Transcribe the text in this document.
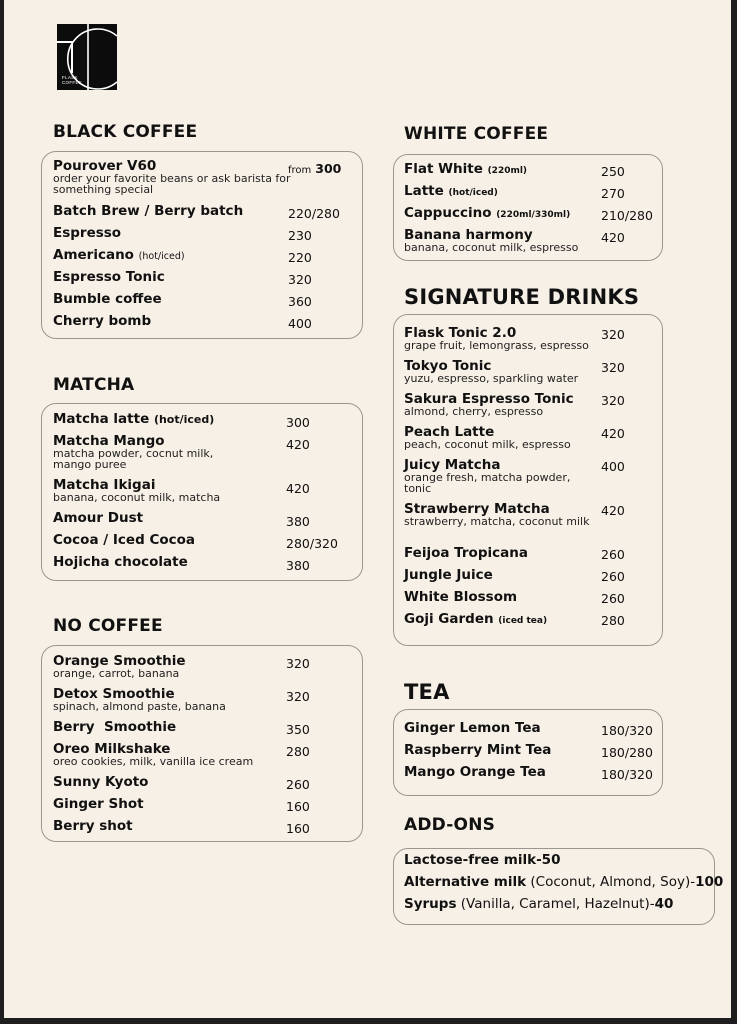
FLASK
COFFEE
BLACK COFFEE
Pourover V60
order your favorite beans or ask barista for something special
from 300
Batch Brew / Berry batch	220/280
Espresso	230
Americano (hot/iced)	220
Espresso Tonic	320
Bumble coffee	360
Cherry bomb	400
MATCHA
Matcha latte (hot/iced)	300
Matcha Mango
matcha powder, cocnut milk, mango puree
420
Matcha Ikigai
banana, coconut milk, matcha
420
Amour Dust	380
Cocoa / Iced Cocoa	280/320
Hojicha chocolate	380
NO COFFEE
Orange Smoothie
orange, carrot, banana
320
Detox Smoothie
spinach, almond paste, banana
320
Berry  Smoothie	350
Oreo Milkshake
oreo cookies, milk, vanilla ice cream
280
Sunny Kyoto	260
Ginger Shot	160
Berry shot	160
WHITE COFFEE
Flat White (220ml)	250
Latte (hot/iced)	270
Cappuccino (220ml/330ml) 210/280
Banana harmony
banana, coconut milk, espresso
420
SIGNATURE DRINKS
Flask Tonic 2.0
grape fruit, lemongrass, espresso
320
Tokyo Tonic
yuzu, espresso, sparkling water
320
Sakura Espresso Tonic
almond, cherry, espresso
320
Peach Latte
peach, coconut milk, espresso
420
Juicy Matcha
orange fresh, matcha powder, tonic
400
Strawberry Matcha
strawberry, matcha, coconut milk
420
Feijoa Tropicana	260
Jungle Juice	260
White Blossom	260
Goji Garden (iced tea)	280
TEA
Ginger Lemon Tea	180/320
Raspberry Mint Tea	180/280
Mango Orange Tea	180/320
ADD-ONS
Lactose-free milk-50
Alternative milk (Coconut, Almond, Soy)-100
Syrups (Vanilla, Caramel, Hazelnut)-40
